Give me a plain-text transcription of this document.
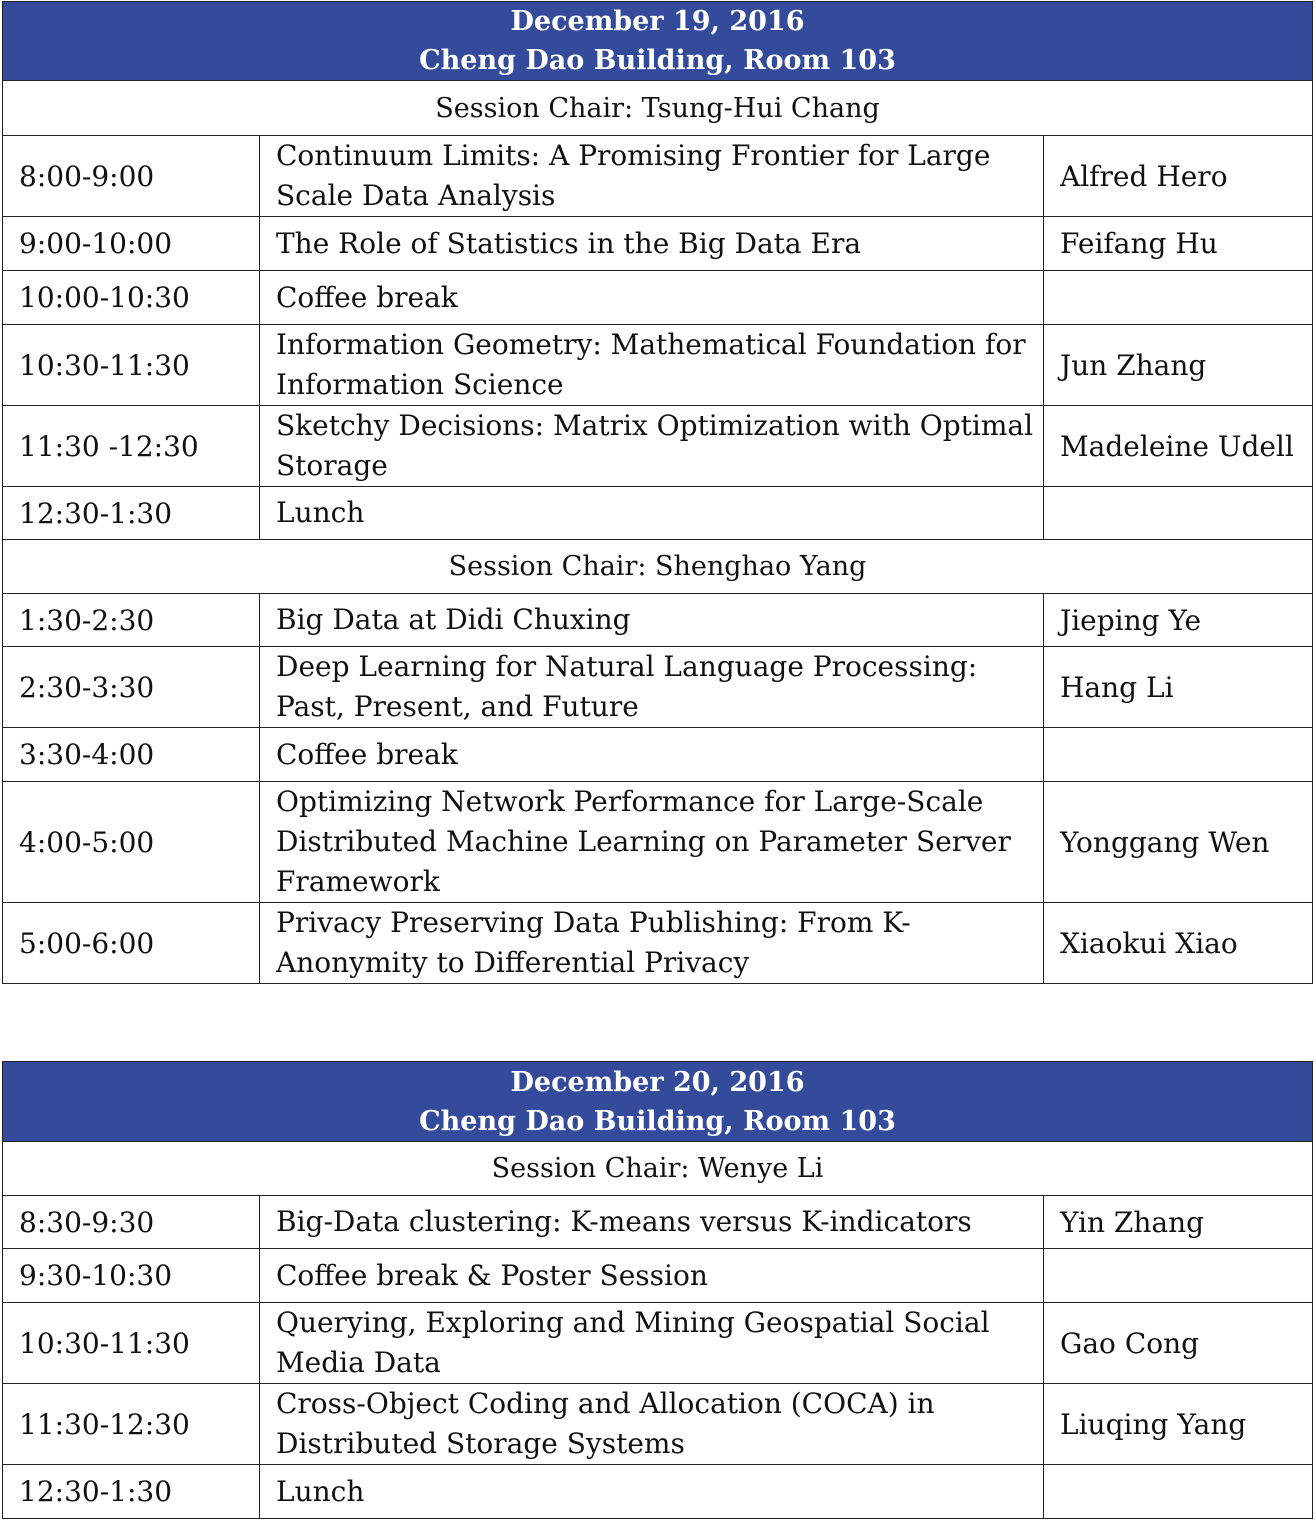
December 19, 2016
Cheng Dao Building, Room 103		

Session Chair: Tsung-Hui Chang		
8:00-9:00	Continuum Limits: A Promising Frontier for Large Scale Data Analysis	Alfred Hero
9:00-10:00	The Role of Statistics in the Big Data Era	Feifang Hu
10:00-10:30	Coffee break	
10:30-11:30	Information Geometry: Mathematical Foundation for Information Science	Jun Zhang
11:30 -12:30	Sketchy Decisions: Matrix Optimization with Optimal Storage	Madeleine Udell
12:30-1:30	Lunch	
Session Chair: Shenghao Yang		
1:30-2:30	Big Data at Didi Chuxing	Jieping Ye
2:30-3:30	Deep Learning for Natural Language Processing: Past, Present, and Future	Hang Li
3:30-4:00	Coffee break	
4:00-5:00	Optimizing Network Performance for Large-Scale Distributed Machine Learning on Parameter Server Framework	Yonggang Wen
5:00-6:00	Privacy Preserving Data Publishing: From K-Anonymity to Differential Privacy	Xiaokui Xiao
December 20, 2016
Cheng Dao Building, Room 103		

Session Chair: Wenye Li		
8:30-9:30	Big-Data clustering: K-means versus K-indicators	Yin Zhang
9:30-10:30	Coffee break & Poster Session	
10:30-11:30	Querying, Exploring and Mining Geospatial Social Media Data	Gao Cong
11:30-12:30	Cross-Object Coding and Allocation (COCA) in Distributed Storage Systems	Liuqing Yang
12:30-1:30	Lunch	
